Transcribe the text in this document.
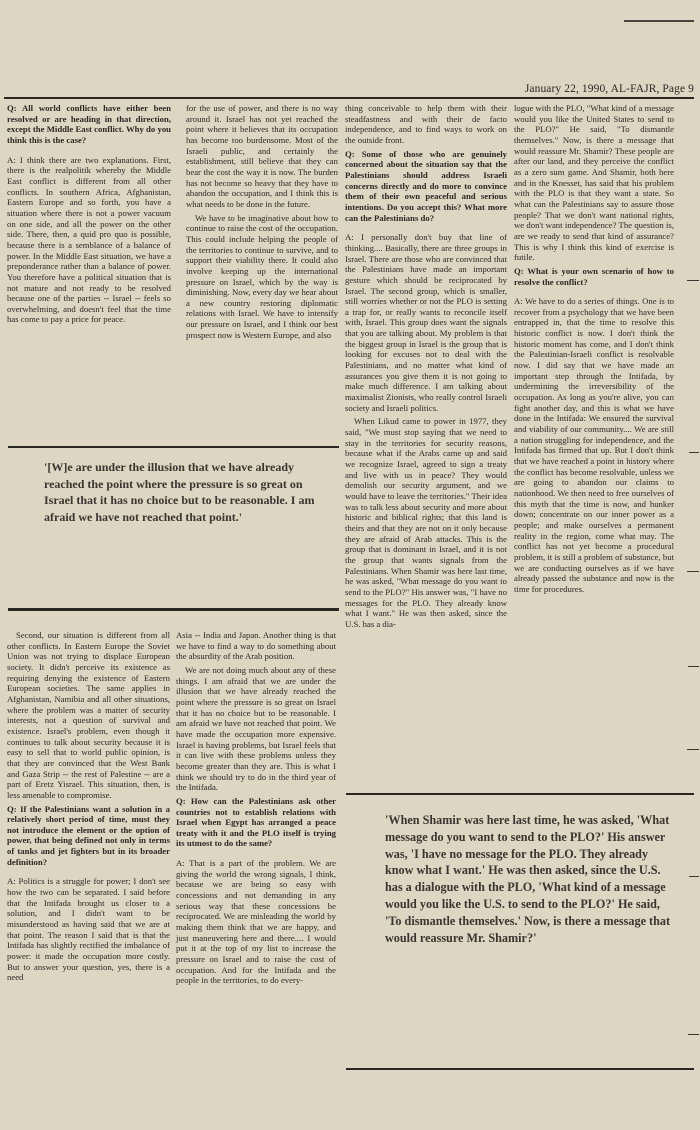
January 22, 1990, AL-FAJR, Page 9

Q: All world conflicts have either been resolved or are heading in that direction, except the Middle East conflict. Why do you think this is the case?

A: I think there are two explanations. First, there is the realpolitik whereby the Middle East conflict is different from all other conflicts. In southern Africa, Afghanistan, Eastern Europe and so forth, you have a situation where there is not a power vacuum on one side, and all the power on the other side. There, then, a quid pro quo is possible, because there is a semblance of a balance of power. In the Middle East situation, we have a preponderance rather than a balance of power. You therefore have a political situation that is not mature and not ready to be resolved because one of the parties -- Israel -- feels so overwhelming, and doesn't feel that the time has come to pay a price for peace.

for the use of power, and there is no way around it. Israel has not yet reached the point where it believes that its occupation has become too burdensome. Most of the Israeli public, and certainly the establishment, still believe that they can bear the cost the way it is now. The burden has not become so heavy that they have to abandon the occupation, and I think this is what needs to be done in the future.

We have to be imaginative about how to continue to raise the cost of the occupation. This could include helping the people of the territories to continue to survive, and to support their viability there. It could also involve keeping up the international pressure on Israel, which by the way is diminishing. Now, every day we hear about a new country restoring diplomatic relations with Israel. We have to intensify our pressure on Israel, and I think our best prospect now is Western Europe, and also

'[W]e are under the illusion that we have already reached the point where the pressure is so great on Israel that it has no choice but to be reasonable. I am afraid we have not reached that point.'

Second, our situation is different from all other conflicts. In Eastern Europe the Soviet Union was not trying to displace European society. It didn't perceive its existence as requiring denying the existence of Eastern European societies. The same applies in Afghanistan, Namibia and all other situations, where the problem was a matter of security interests, not a question of survival and existence. Israel's problem, even though it continues to talk about security because it is easy to sell that to world public opinion, is that they are convinced that the West Bank and Gaza Strip -- the rest of Palestine -- are a part of Eretz Yisrael. This situation, then, is less amenable to compromise.

Q: If the Palestinians want a solution in a relatively short period of time, must they not introduce the element or the option of power, that being defined not only in terms of tanks and jet fighters but in its broader definition?

A: Politics is a struggle for power; I don't see how the two can be separated. I said before that the Intifada brought us closer to a solution, and I didn't want to be misunderstood as having said that we are at that point. The reason I said that is that the Intifada has slightly rectified the imbalance of power: it made the occupation more costly. But to answer your question, yes, there is a need

Asia -- India and Japan. Another thing is that we have to find a way to do something about the absurdity of the Arab position.

We are not doing much about any of these things. I am afraid that we are under the illusion that we have already reached the point where the pressure is so great on Israel that it has no choice but to be reasonable. I am afraid we have not reached that point. We have made the occupation more expensive. Israel is having problems, but Israel feels that it can live with these problems unless they become greater than they are. This is what I think we should try to do in the third year of the Intifada.

Q: How can the Palestinians ask other countries not to establish relations with Israel when Egypt has arranged a peace treaty with it and the PLO itself is trying its utmost to do the same?

A: That is a part of the problem. We are giving the world the wrong signals, I think, because we are being so easy with concessions and not demanding in any serious way that these concessions be reciprocated. We are misleading the world by making them think that we are happy, and just maneuvering here and there.... I would put it at the top of my list to increase the pressure on Israel and to raise the cost of occupation. And for the Intifada and the people in the territories, to do every-

thing conceivable to help them with their steadfastness and with their de facto independence, and to find ways to work on the outside front.

Q: Some of those who are genuinely concerned about the situation say that the Palestinians should address Israeli concerns directly and do more to convince them of their own peaceful and serious intentions. Do you accept this? What more can the Palestinians do?

A: I personally don't buy that line of thinking.... Basically, there are three groups in Israel. There are those who are convinced that the Palestinians have made an important gesture which should be reciprocated by Israel. The second group, which is smaller, still worries whether or not the PLO is setting a trap for, or really wants to reconcile itself with, Israel. This group does want the signals that you are talking about. My problem is that the biggest group in Israel is the group that is looking for excuses not to deal with the Palestinians, and no matter what kind of assurances you give them it is not going to make much difference. I am talking about maximalist Zionists, who really control Israeli society and Israeli politics.

When Likud came to power in 1977, they said, "We must stop saying that we need to stay in the territories for security reasons, because what if the Arabs came up and said we recognize Israel, agreed to sign a treaty and live with us in peace? They would demolish our security argument, and we would have to leave the territories." Their idea was to talk less about security and more about historic and biblical rights; that this land is theirs and that they are not on it only because they are afraid of Arab attacks. This is the group that is dominant in Israel, and it is not the group that wants signals from the Palestinians. When Shamir was here last time, he was asked, "What message do you want to send to the PLO?" His answer was, "I have no messages for the PLO. They already know what I want." He was then asked, since the U.S. has a dia-

logue with the PLO, "What kind of a message would you like the United States to send to the PLO?" He said, "To dismantle themselves." Now, is there a message that would reassure Mr. Shamir? These people are after our land, and they perceive the conflict as a zero sum game. And Shamir, both here and in the Knesset, has said that his problem with the PLO is that they want a state. So what can the Palestinians say to assure those people? That we don't want national rights, we don't want independence? The question is, are we ready to send that kind of assurance? This is why I think this kind of exercise is futile.

Q: What is your own scenario of how to resolve the conflict?

A: We have to do a series of things. One is to recover from a psychology that we have been entrapped in, that the time to resolve this historic conflict is now. I don't think the historic moment has come, and I don't think the Palestinian-Israeli conflict is resolvable now. I did say that we have made an important step through the Intifada, by undermining the irreversibility of the occupation. As long as you're alive, you can fight another day, and this is what we have done in the Intifada: We ensured the survival and viability of our community.... We are still a nation struggling for independence, and the Intifada has firmed that up. But I don't think that we have reached a point in history where the conflict has become resolvable, unless we are going to abandon our claims to nationhood. We then need to free ourselves of this myth that the time is now, and hunker down; concentrate on our inner power as a people; and make ourselves a permanent reality in the region, come what may. The conflict has not yet become a procedural problem, it is still a problem of substance, but we are conducting ourselves as if we have already passed the substance and now is the time for procedures.

'When Shamir was here last time, he was asked, 'What message do you want to send to the PLO?' His answer was, 'I have no message for the PLO. They already know what I want.' He was then asked, since the U.S. has a dialogue with the PLO, 'What kind of a message would you like the U.S. to send to the PLO?' He said, 'To dismantle themselves.' Now, is there a message that would reassure Mr. Shamir?'
